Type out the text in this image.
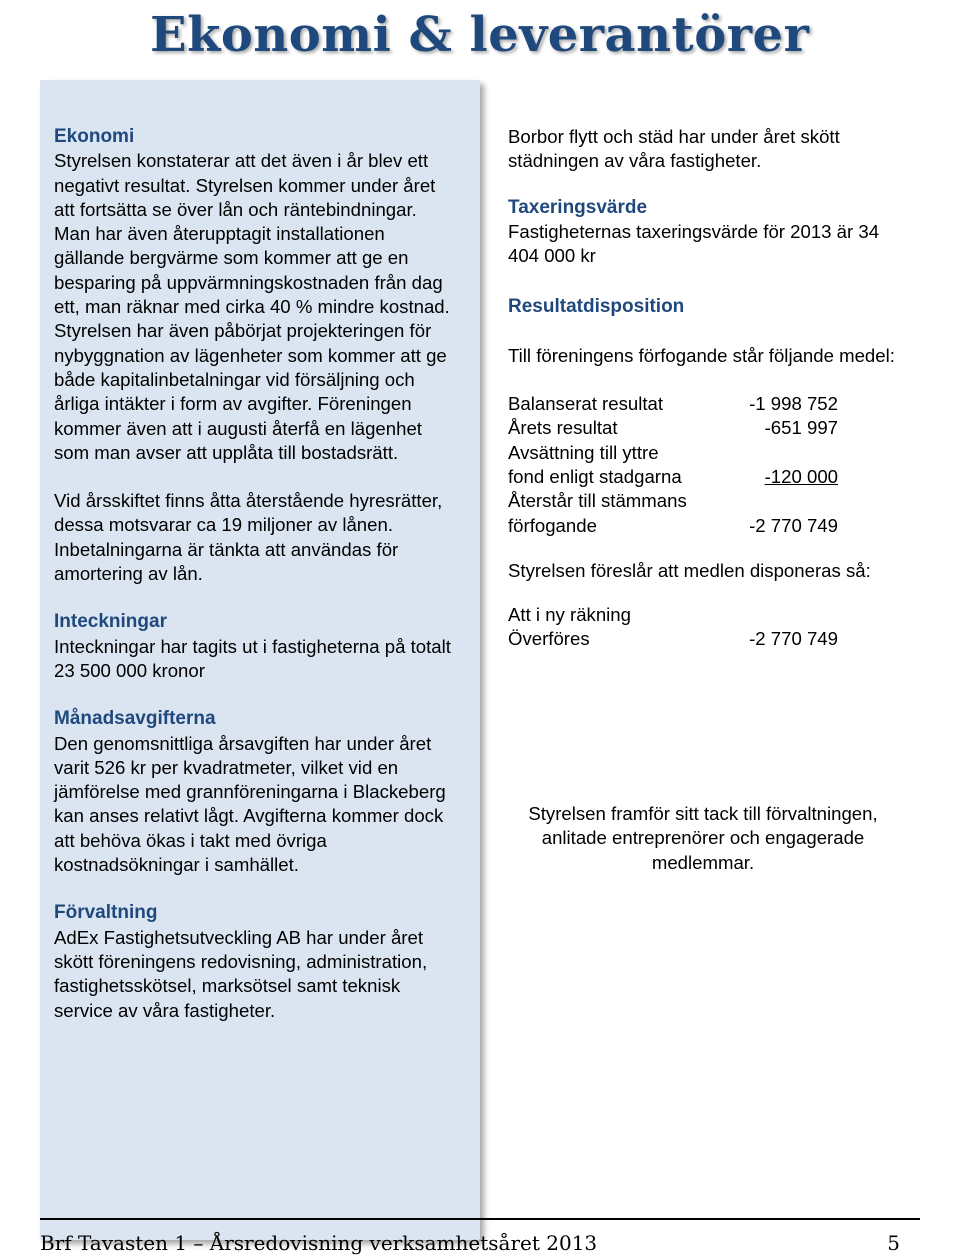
Ekonomi & leverantörer
Ekonomi

Styrelsen konstaterar att det även i år blev ett negativt resultat. Styrelsen kommer under året att fortsätta se över lån och räntebindningar. Man har även återupptagit installationen gällande bergvärme som kommer att ge en besparing på uppvärmningskostnaden från dag ett, man räknar med cirka 40 % mindre kostnad. Styrelsen har även påbörjat projekteringen för nybyggnation av lägenheter som kommer att ge både kapitalinbetalningar vid försäljning och årliga intäkter i form av avgifter. Föreningen kommer även att i augusti återfå en lägenhet som man avser att upplåta till bostadsrätt.

Vid årsskiftet finns åtta återstående hyresrätter, dessa motsvarar ca 19 miljoner av lånen. Inbetalningarna är tänkta att användas för amortering av lån.

Inteckningar

Inteckningar har tagits ut i fastigheterna på totalt 23 500 000 kronor

Månadsavgifterna

Den genomsnittliga årsavgiften har under året varit 526 kr per kvadratmeter, vilket vid en jämförelse med grannföreningarna i Blackeberg kan anses relativt lågt. Avgifterna kommer dock att behöva ökas i takt med övriga kostnadsökningar i samhället.

Förvaltning

AdEx Fastighetsutveckling AB har under året skött föreningens redovisning, administration, fastighetsskötsel, marksötsel samt teknisk service av våra fastigheter.

Borbor flytt och städ har under året skött städningen av våra fastigheter.

Taxeringsvärde

Fastigheternas taxeringsvärde för 2013 är 34 404 000 kr

Resultatdisposition

Till föreningens förfogande står följande medel:

Balanserat resultat	-1 998 752
Årets resultat	-651 997
Avsättning till yttre
fond enligt stadgarna	-120 000
Återstår till stämmans
förfogande	-2 770 749

Styrelsen föreslår att medlen disponeras så:

Att i ny räkning
Överföres	-2 770 749

Styrelsen framför sitt tack till förvaltningen, anlitade entreprenörer och engagerade medlemmar.

Brf Tavasten 1 – Årsredovisning verksamhetsåret 2013	5
